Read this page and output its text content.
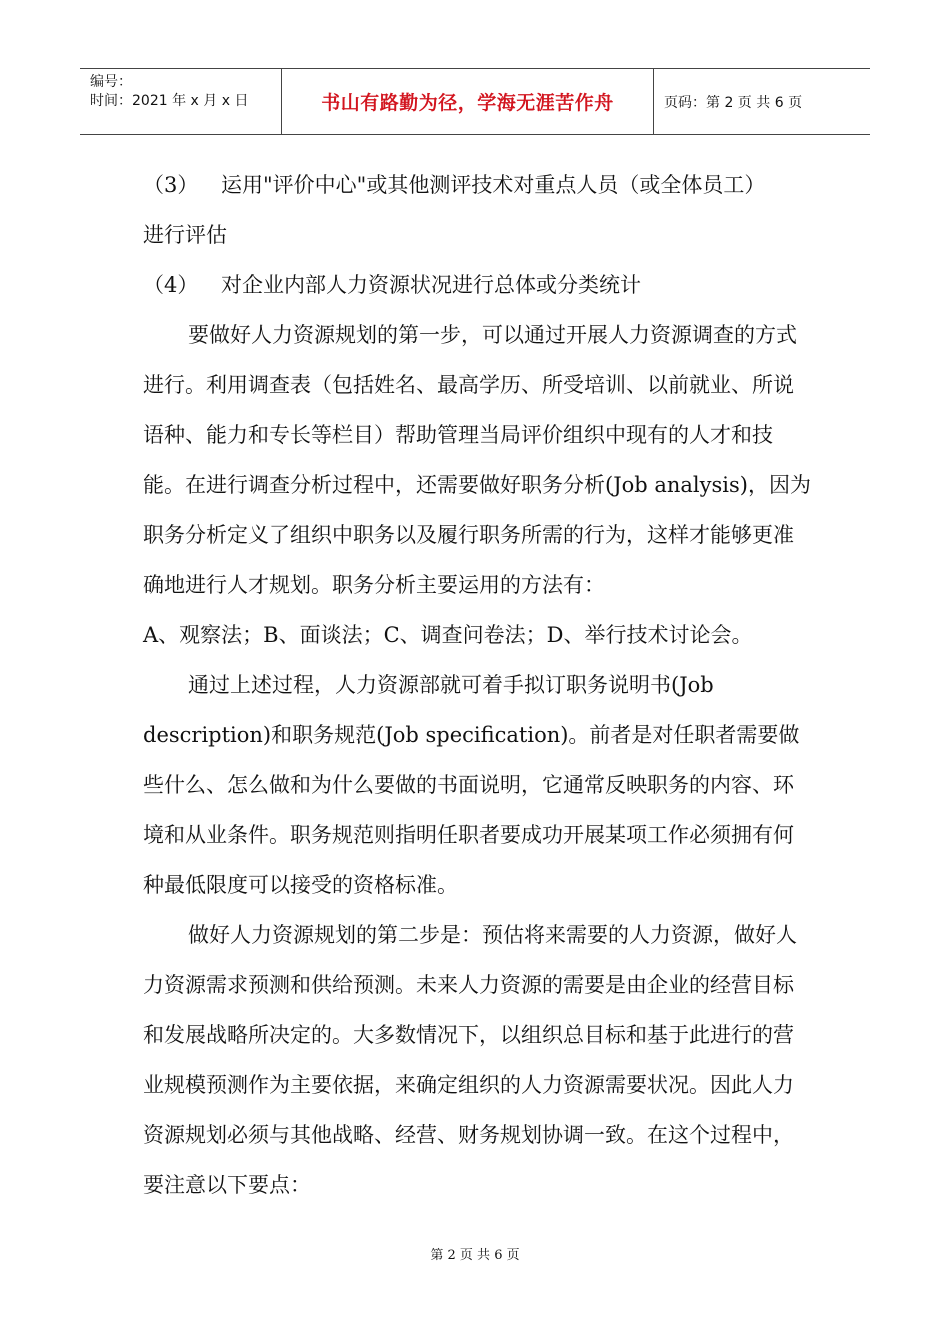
编号：
时间：2021 年 x 月 x 日	书山有路勤为径，学海无涯苦作舟	页码：第 2 页 共 6 页
（3）	运用"评价中心"或其他测评技术对重点人员（或全体员工）

进行评估

（4）	对企业内部人力资源状况进行总体或分类统计

要做好人力资源规划的第一步，可以通过开展人力资源调查的方式进行。利用调查表（包括姓名、最高学历、所受培训、以前就业、所说语种、能力和专长等栏目）帮助管理当局评价组织中现有的人才和技能。在进行调查分析过程中，还需要做好职务分析(Job analysis)，因为职务分析定义了组织中职务以及履行职务所需的行为，这样才能够更准确地进行人才规划。职务分析主要运用的方法有：

A、观察法；B、面谈法；C、调查问卷法；D、举行技术讨论会。

通过上述过程，人力资源部就可着手拟订职务说明书(Job description)和职务规范(Job specification)。前者是对任职者需要做些什么、怎么做和为什么要做的书面说明，它通常反映职务的内容、环境和从业条件。职务规范则指明任职者要成功开展某项工作必须拥有何种最低限度可以接受的资格标准。

做好人力资源规划的第二步是：预估将来需要的人力资源，做好人力资源需求预测和供给预测。未来人力资源的需要是由企业的经营目标和发展战略所决定的。大多数情况下，以组织总目标和基于此进行的营业规模预测作为主要依据，来确定组织的人力资源需要状况。因此人力资源规划必须与其他战略、经营、财务规划协调一致。在这个过程中，要注意以下要点：

第 2 页 共 6 页
